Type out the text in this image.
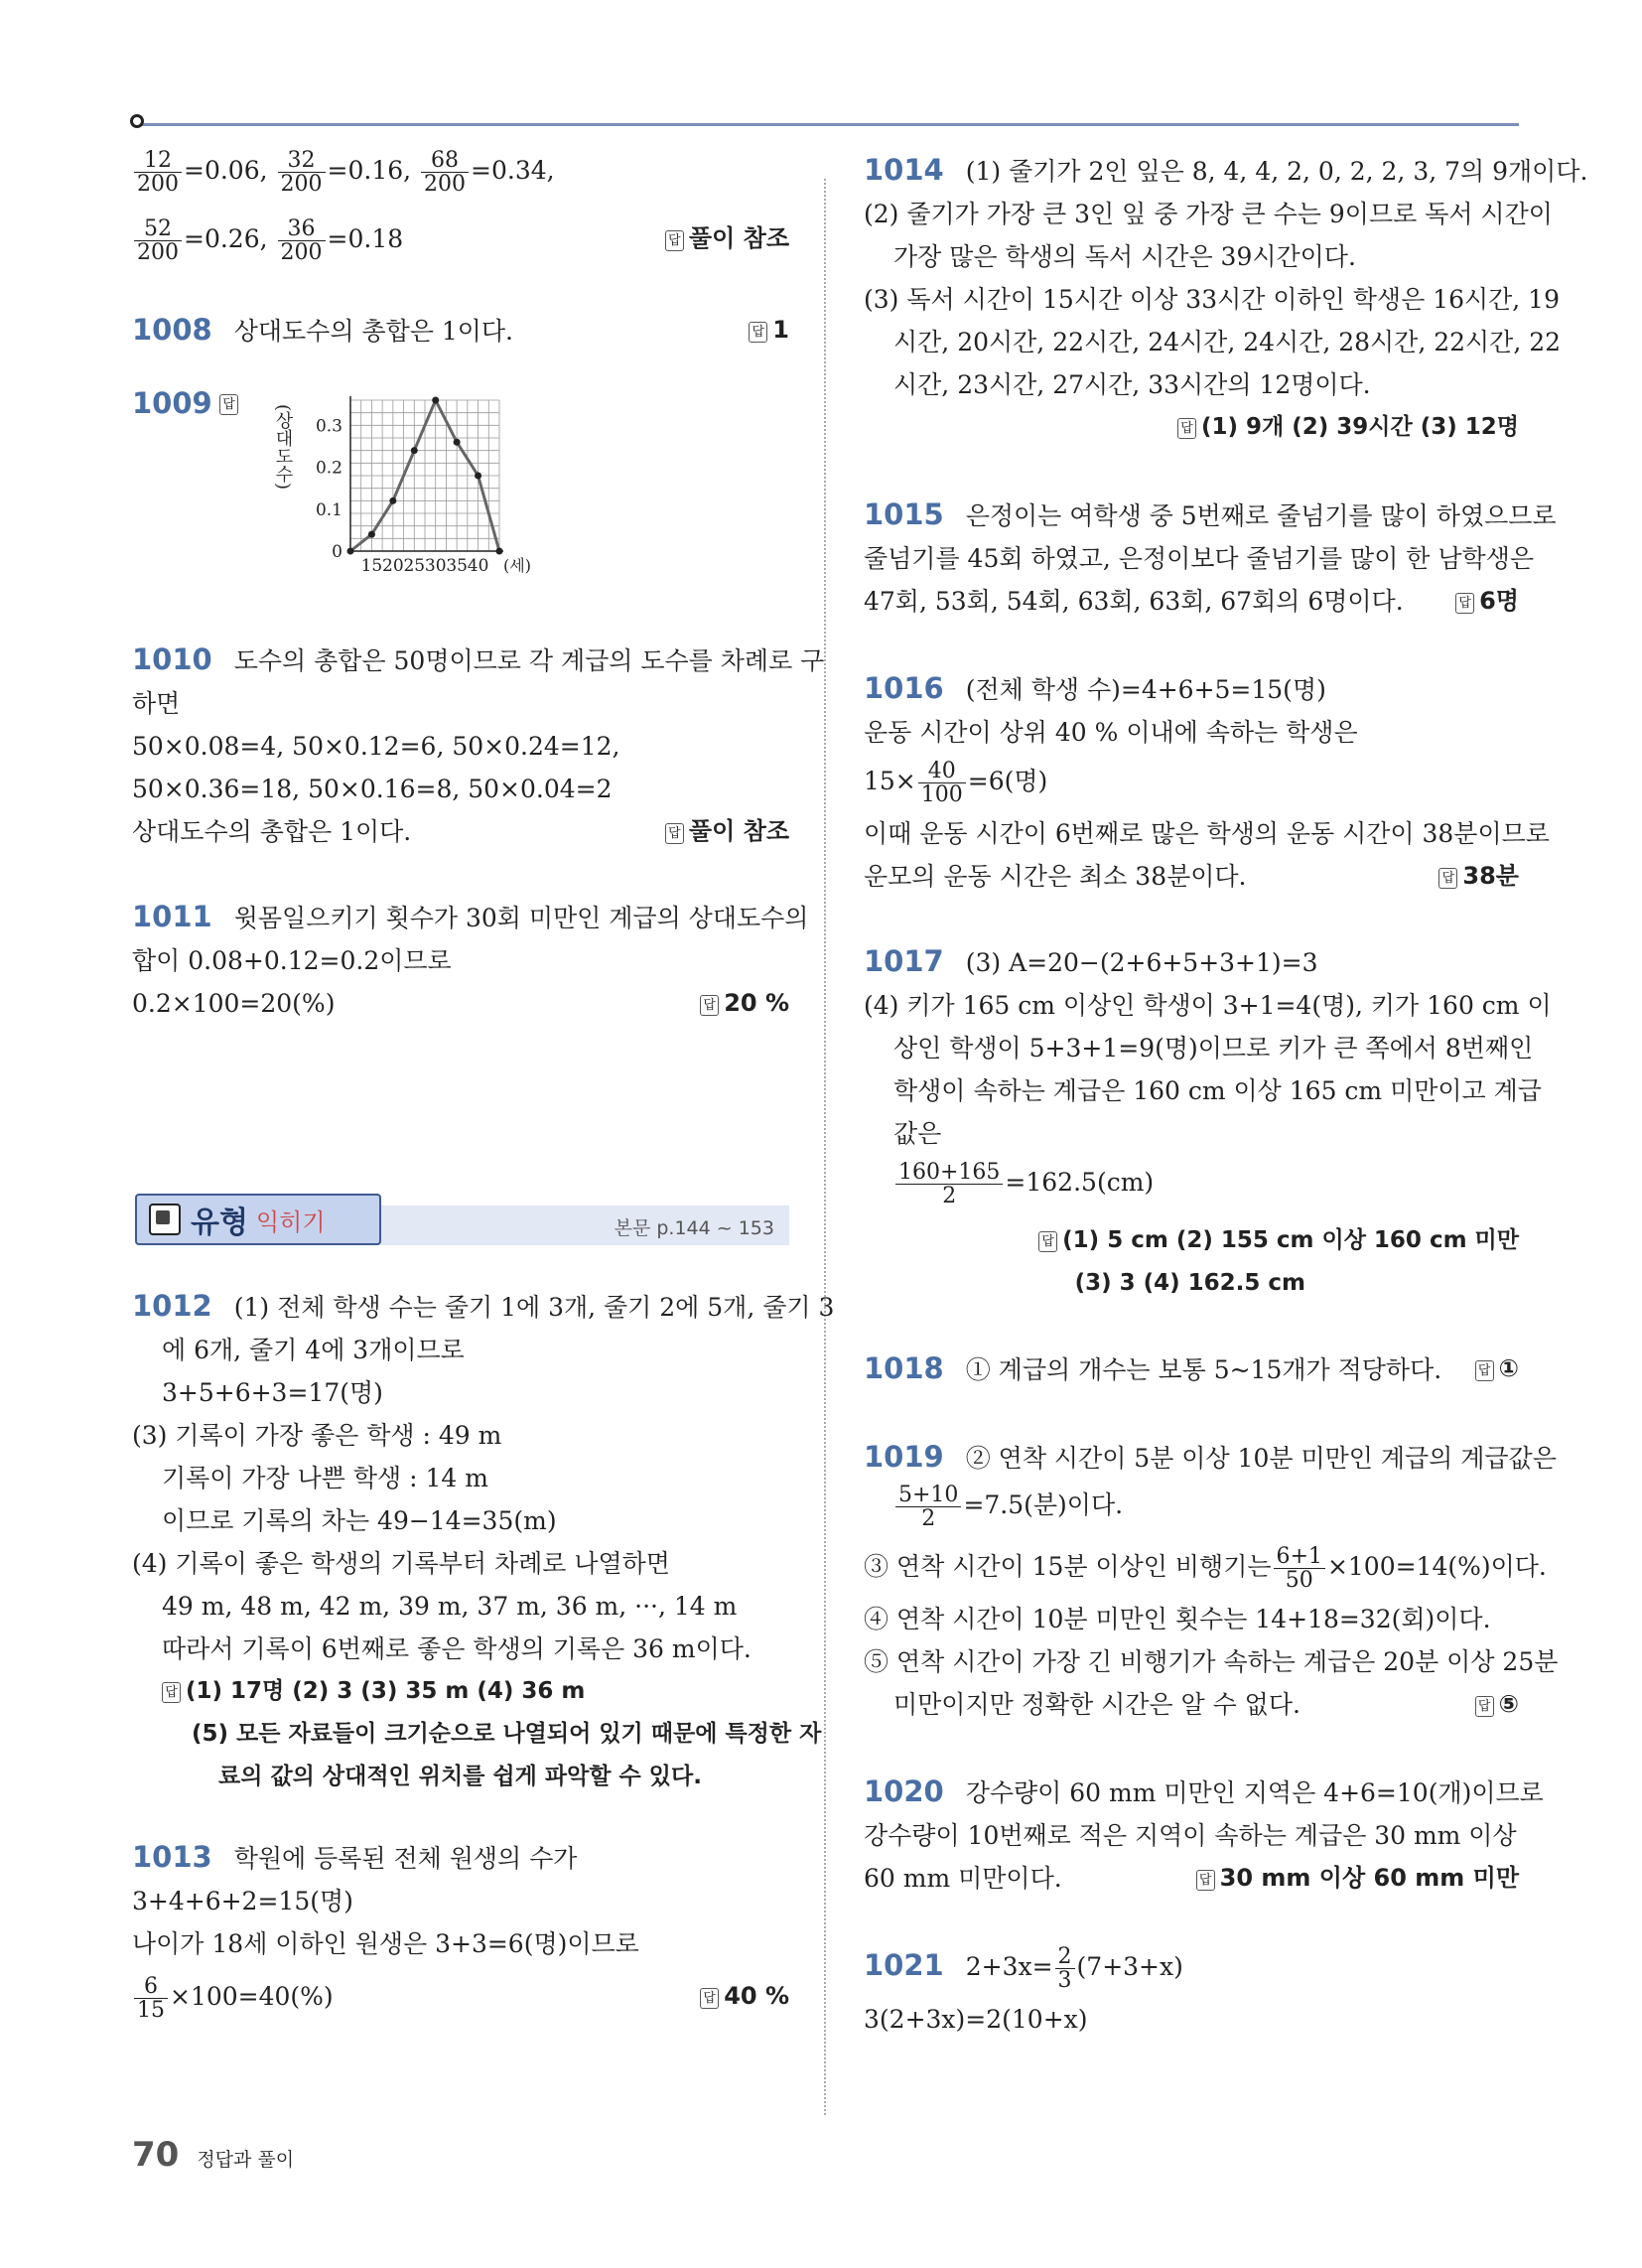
$\frac{12}{200} =0.06$, $\frac{32}{200} =0.16$, $\frac{68}{200} =0.34$,
$\frac{52}{200} =0.26$, $\frac{36}{200} =0.18$	답 풀이 참조
1008 상대도수의 총합은 1이다.	답 1
1009 답
0
0.1
0.2
0.3
15 20 25 30 35 40 (세)
(상대도수)
1010 도수의 총합은 50명이므로 각 계급의 도수를 차례로 구
하면
50×0.08=4, 50×0.12=6, 50×0.24=12,
50×0.36=18, 50×0.16=8, 50×0.04=2
상대도수의 총합은 1이다.	답 풀이 참조
1011 윗몸일으키기 횟수가 30회 미만인 계급의 상대도수의
합이 0.08+0.12=0.2이므로
0.2×100=20(%)	답 20 %
유형 익히기	본문 p.144 ~ 153
1012 (1) 전체 학생 수는 줄기 1에 3개, 줄기 2에 5개, 줄기 3
에 6개, 줄기 4에 3개이므로
3+5+6+3=17(명)
(3) 기록이 가장 좋은 학생 : 49 m
기록이 가장 나쁜 학생 : 14 m
이므로 기록의 차는 49−14=35(m)
(4) 기록이 좋은 학생의 기록부터 차례로 나열하면
49 m, 48 m, 42 m, 39 m, 37 m, 36 m, ···, 14 m
따라서 기록이 6번째로 좋은 학생의 기록은 36 m이다.
답 (1) 17명 (2) 3 (3) 35 m (4) 36 m
(5) 모든 자료들이 크기순으로 나열되어 있기 때문에 특정한 자
료의 값의 상대적인 위치를 쉽게 파악할 수 있다.
1013 학원에 등록된 전체 원생의 수가
3+4+6+2=15(명)
나이가 18세 이하인 원생은 3+3=6(명)이므로
$\frac{6}{15} \times 100=40(\%)$	답 40 %
1014 (1) 줄기가 2인 잎은 8, 4, 4, 2, 0, 2, 2, 3, 7의 9개이다.
(2) 줄기가 가장 큰 3인 잎 중 가장 큰 수는 9이므로 독서 시간이
가장 많은 학생의 독서 시간은 39시간이다.
(3) 독서 시간이 15시간 이상 33시간 이하인 학생은 16시간, 19
시간, 20시간, 22시간, 24시간, 24시간, 28시간, 22시간, 22
시간, 23시간, 27시간, 33시간의 12명이다.
답 (1) 9개 (2) 39시간 (3) 12명
1015 은정이는 여학생 중 5번째로 줄넘기를 많이 하였으므로
줄넘기를 45회 하였고, 은정이보다 줄넘기를 많이 한 남학생은
47회, 53회, 54회, 63회, 63회, 67회의 6명이다.	답 6명
1016 (전체 학생 수)=4+6+5=15(명)
운동 시간이 상위 40 % 이내에 속하는 학생은
$15\times \frac{40}{100} =6$(명)
이때 운동 시간이 6번째로 많은 학생의 운동 시간이 38분이므로
운모의 운동 시간은 최소 38분이다.	답 38분
1017 (3) A=20−(2+6+5+3+1)=3
(4) 키가 165 cm 이상인 학생이 3+1=4(명), 키가 160 cm 이
상인 학생이 5+3+1=9(명)이므로 키가 큰 쪽에서 8번째인
학생이 속하는 계급은 160 cm 이상 165 cm 미만이고 계급
값은
$\frac{160+165}{2} =162.5(cm)$
답 (1) 5 cm (2) 155 cm 이상 160 cm 미만
(3) 3 (4) 162.5 cm
1018 ① 계급의 개수는 보통 5~15개가 적당하다.	답 ①
1019 ② 연착 시간이 5분 이상 10분 미만인 계급의 계급값은
$\frac{5+10}{2} =7.5$(분)이다.
③ 연착 시간이 15분 이상인 비행기는 $\frac{6+1}{50} \times 100=14(\%)$이다.
④ 연착 시간이 10분 미만인 횟수는 14+18=32(회)이다.
⑤ 연착 시간이 가장 긴 비행기가 속하는 계급은 20분 이상 25분
미만이지만 정확한 시간은 알 수 없다.	답 ⑤
1020 강수량이 60 mm 미만인 지역은 4+6=10(개)이므로
강수량이 10번째로 적은 지역이 속하는 계급은 30 mm 이상
60 mm 미만이다.	답 30 mm 이상 60 mm 미만
1021 $2+3x= \frac{2}{3} (7+3+x)$
3(2+3x)=2(10+x)
70 정답과 풀이
